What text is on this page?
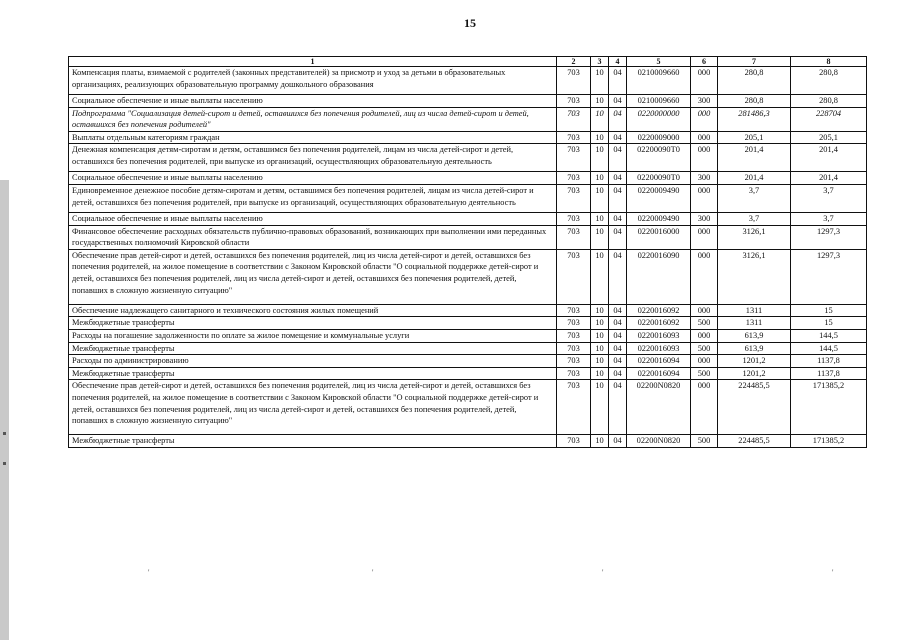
15
1	2	3	4	5	6	7	8
Компенсация платы, взимаемой с родителей (законных представителей) за присмотр и уход за детьми в образовательных организациях, реализующих образовательную программу дошкольного образования	703	10	04	0210009660	000	280,8	280,8
Социальное обеспечение и иные выплаты населению	703	10	04	0210009660	300	280,8	280,8
Подпрограмма "Социализация детей-сирот и детей, оставшихся без попечения родителей, лиц из числа детей-сирот и детей, оставшихся без попечения родителей"	703	10	04	0220000000	000	281486,3	228704
Выплаты отдельным категориям граждан	703	10	04	0220009000	000	205,1	205,1
Денежная компенсация детям-сиротам и детям, оставшимся без попечения родителей, лицам из числа детей-сирот и детей, оставшихся без попечения родителей, при выпуске из организаций, осуществляющих образовательную деятельность	703	10	04	02200090Т0	000	201,4	201,4
Социальное обеспечение и иные выплаты населению	703	10	04	02200090Т0	300	201,4	201,4
Единовременное денежное пособие детям-сиротам и детям, оставшимся без попечения родителей, лицам из числа детей-сирот и детей, оставшихся без попечения родителей, при выпуске из организаций, осуществляющих образовательную деятельность	703	10	04	0220009490	000	3,7	3,7
Социальное обеспечение и иные выплаты населению	703	10	04	0220009490	300	3,7	3,7
Финансовое обеспечение расходных обязательств публично-правовых образований, возникающих при выполнении ими переданных государственных полномочий Кировской области	703	10	04	0220016000	000	3126,1	1297,3
Обеспечение прав детей-сирот и детей, оставшихся без попечения родителей, лиц из числа детей-сирот и детей, оставшихся без попечения родителей, на жилое помещение в соответствии с Законом Кировской области "О социальной поддержке детей-сирот и детей, оставшихся без попечения родителей, лиц из числа детей-сирот и детей, оставшихся без попечения родителей, детей, попавших в сложную жизненную ситуацию"	703	10	04	0220016090	000	3126,1	1297,3
Обеспечение надлежащего санитарного и технического состояния жилых помещений	703	10	04	0220016092	000	1311	15
Межбюджетные трансферты	703	10	04	0220016092	500	1311	15
Расходы на погашение задолженности по оплате за жилое помещение и коммунальные услуги	703	10	04	0220016093	000	613,9	144,5
Межбюджетные трансферты	703	10	04	0220016093	500	613,9	144,5
Расходы по администрированию	703	10	04	0220016094	000	1201,2	1137,8
Межбюджетные трансферты	703	10	04	0220016094	500	1201,2	1137,8
Обеспечение прав детей-сирот и детей, оставшихся без попечения родителей, лиц из числа детей-сирот и детей, оставшихся без попечения родителей, на жилое помещение в соответствии с Законом Кировской области "О социальной поддержке детей-сирот и детей, оставшихся без попечения родителей, лиц из числа детей-сирот и детей, оставшихся без попечения родителей, детей, попавших в сложную жизненную ситуацию"	703	10	04	02200N0820	000	224485,5	171385,2
Межбюджетные трансферты	703	10	04	02200N0820	500	224485,5	171385,2
'	'	'	'
